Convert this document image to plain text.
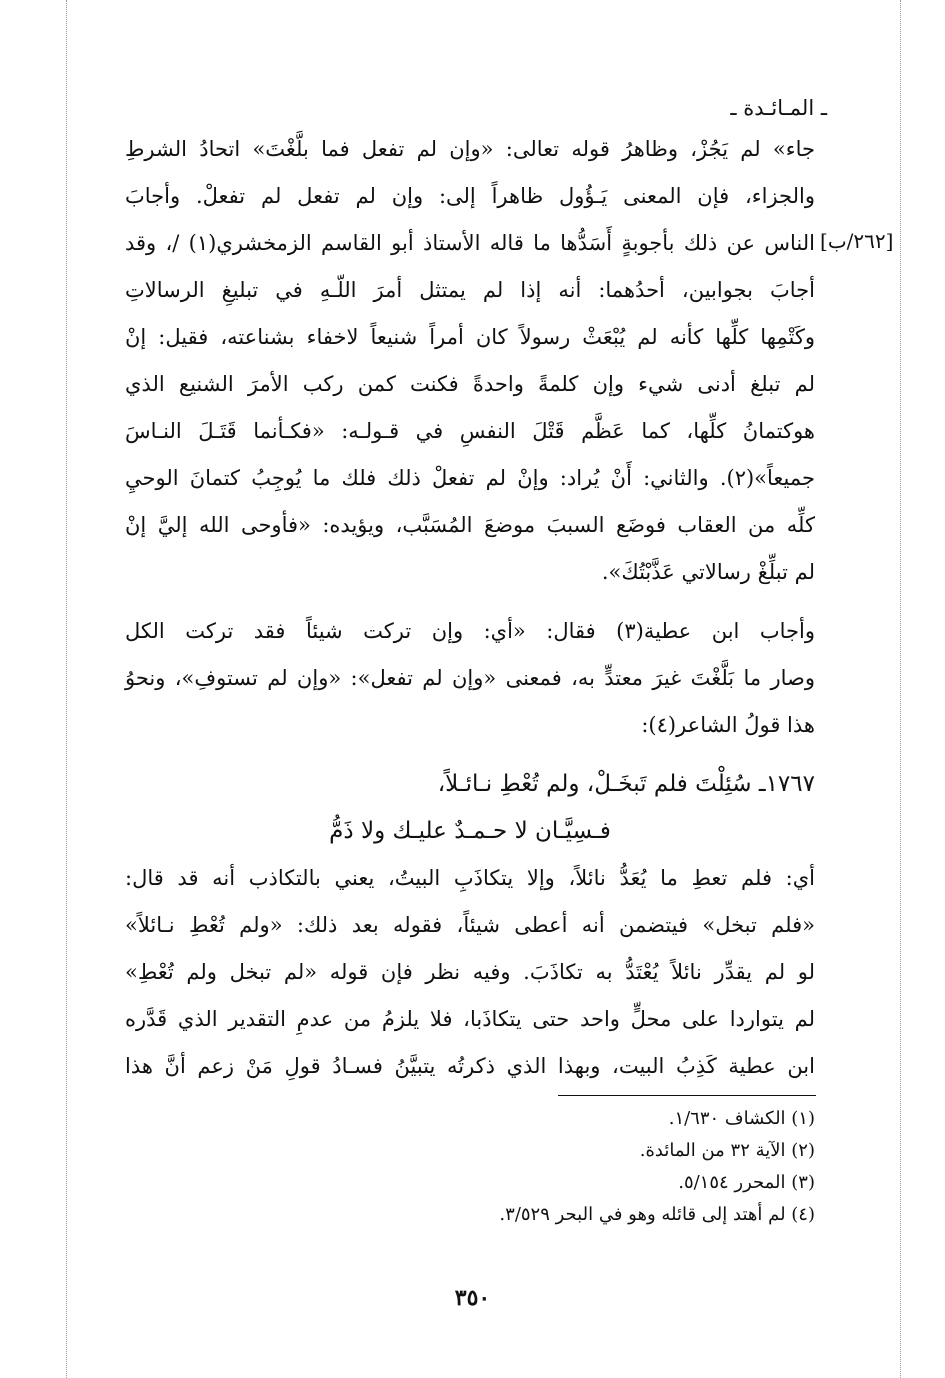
ـ المـائـدة ـ
[٢٦٢/ب]
جاء» لم يَجُزْ، وظاهرُ قوله تعالى: «وإن لم تفعل فما بلَّغْتَ» اتحادُ الشرطِ
والجزاء، فإن المعنى يَـؤُول ظاهراً إلى: وإن لم تفعل لم تفعلْ. وأجابَ
الناس عن ذلك بأجوبةٍ أَسَدُّها ما قاله الأستاذ أبو القاسم الزمخشري(١) /، وقد
أجابَ بجوابين، أحدُهما: أنه إذا لم يمتثل أمرَ اللّـهِ في تبليغِ الرسالاتِ
وكَتْمِها كلِّها كأنه لم يُبْعَثْ رسولاً كان أمراً شنيعاً لاخفاء بشناعته، فقيل: إنْ
لم تبلغ أدنى شيء وإن كلمةً واحدةً فكنت كمن ركب الأمرَ الشنيع الذي
هوكتمانُ كلِّها، كما عَظَّم قَتْلَ النفسِ في قـولـه: «فكـأنما قَتَـلَ النـاسَ
جميعاً»(٢). والثاني: أَنْ يُراد: وإنْ لم تفعلْ ذلك فلك ما يُوجِبُ كتمانَ الوحيِ
كلِّه من العقاب فوضَع السببَ موضعَ المُسَبَّب، ويؤيده: «فأوحى الله إليَّ إنْ
لم تبلِّغْ رسالاتي عَذَّبْتُكَ».
وأجاب ابن عطية(٣) فقال: «أي: وإن تركت شيئاً فقد تركت الكل
وصار ما بَلَّغْتَ غيرَ معتدٍّ به، فمعنى «وإن لم تفعل»: «وإن لم تستوفِ»، ونحوُ
هذا قولُ الشاعر(٤):
١٧٦٧ـ سُئِلْتَ فلم تَبخَـلْ، ولم تُعْطِ نـائـلاً،
فـسِيَّـان لا حـمـدٌ عليـك ولا ذَمُّ
أي: فلم تعطِ ما يُعَدُّ نائلاً، وإلا يتكاذَبِ البيتُ، يعني بالتكاذب أنه قد قال:
«فلم تبخل» فيتضمن أنه أعطى شيئاً، فقوله بعد ذلك: «ولم تُعْطِ نـائلاً»
لو لم يقدِّر نائلاً يُعْتَدُّ به تكاذَبَ. وفيه نظر فإن قوله «لم تبخل ولم تُعْطِ»
لم يتواردا على محلٍّ واحد حتى يتكاذَبا، فلا يلزمُ من عدمِ التقدير الذي قَدَّره
ابن عطية كَذِبُ البيت، وبهذا الذي ذكرتُه يتبيَّنُ فسـادُ قولِ مَنْ زعم أنَّ هذا
(١) الكشاف ١/٦٣٠.
(٢) الآية ٣٢ من المائدة.
(٣) المحرر ٥/١٥٤.
(٤) لم أهتد إلى قائله وهو في البحر ٣/٥٢٩.
٣٥٠
